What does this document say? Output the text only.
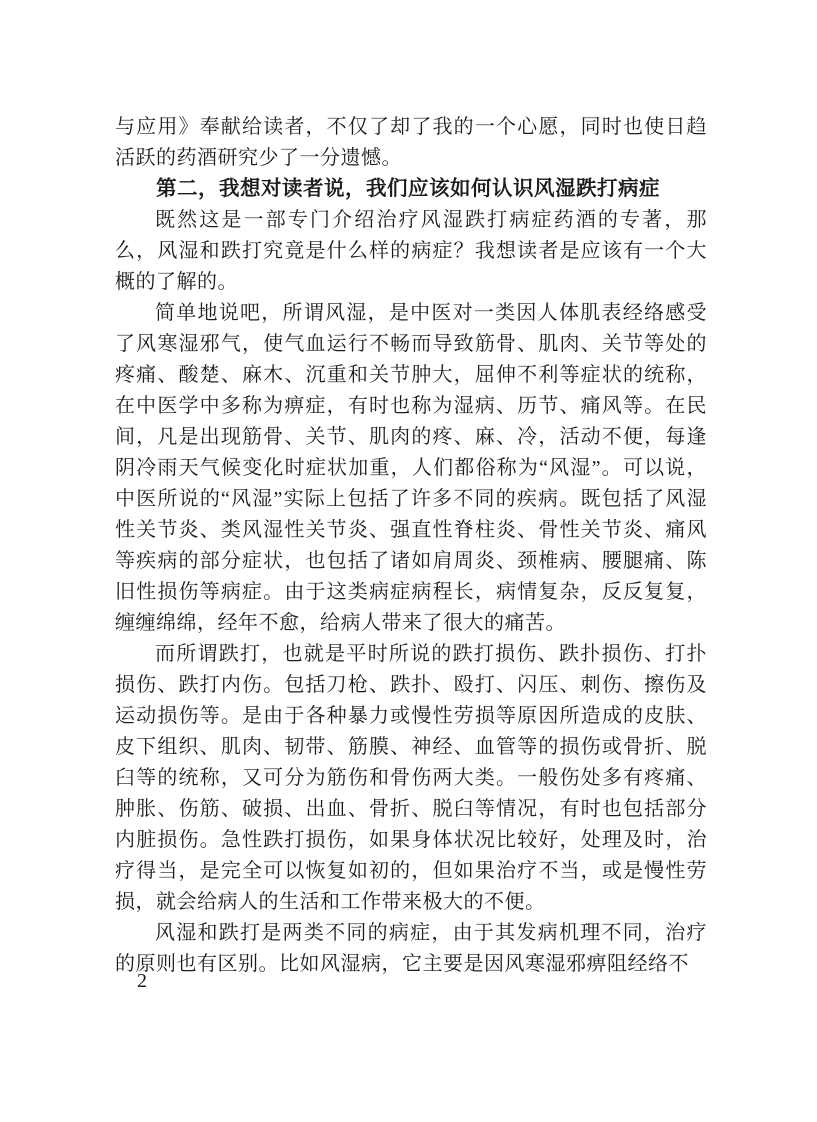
与应用》奉献给读者，不仅了却了我的一个心愿，同时也使日趋活跃的药酒研究少了一分遗憾。

第二，我想对读者说，我们应该如何认识风湿跌打病症

既然这是一部专门介绍治疗风湿跌打病症药酒的专著，那么，风湿和跌打究竟是什么样的病症？我想读者是应该有一个大概的了解的。

简单地说吧，所谓风湿，是中医对一类因人体肌表经络感受了风寒湿邪气，使气血运行不畅而导致筋骨、肌肉、关节等处的疼痛、酸楚、麻木、沉重和关节肿大，屈伸不利等症状的统称，在中医学中多称为痹症，有时也称为湿病、历节、痛风等。在民间，凡是出现筋骨、关节、肌肉的疼、麻、冷，活动不便，每逢阴冷雨天气候变化时症状加重，人们都俗称为“风湿”。可以说，中医所说的“风湿”实际上包括了许多不同的疾病。既包括了风湿性关节炎、类风湿性关节炎、强直性脊柱炎、骨性关节炎、痛风等疾病的部分症状，也包括了诸如肩周炎、颈椎病、腰腿痛、陈旧性损伤等病症。由于这类病症病程长，病情复杂，反反复复，缠缠绵绵，经年不愈，给病人带来了很大的痛苦。

而所谓跌打，也就是平时所说的跌打损伤、跌扑损伤、打扑损伤、跌打内伤。包括刀枪、跌扑、殴打、闪压、刺伤、擦伤及运动损伤等。是由于各种暴力或慢性劳损等原因所造成的皮肤、皮下组织、肌肉、韧带、筋膜、神经、血管等的损伤或骨折、脱臼等的统称，又可分为筋伤和骨伤两大类。一般伤处多有疼痛、肿胀、伤筋、破损、出血、骨折、脱臼等情况，有时也包括部分内脏损伤。急性跌打损伤，如果身体状况比较好，处理及时，治疗得当，是完全可以恢复如初的，但如果治疗不当，或是慢性劳损，就会给病人的生活和工作带来极大的不便。

风湿和跌打是两类不同的病症，由于其发病机理不同，治疗的原则也有区别。比如风湿病，它主要是因风寒湿邪痹阻经络不

2
